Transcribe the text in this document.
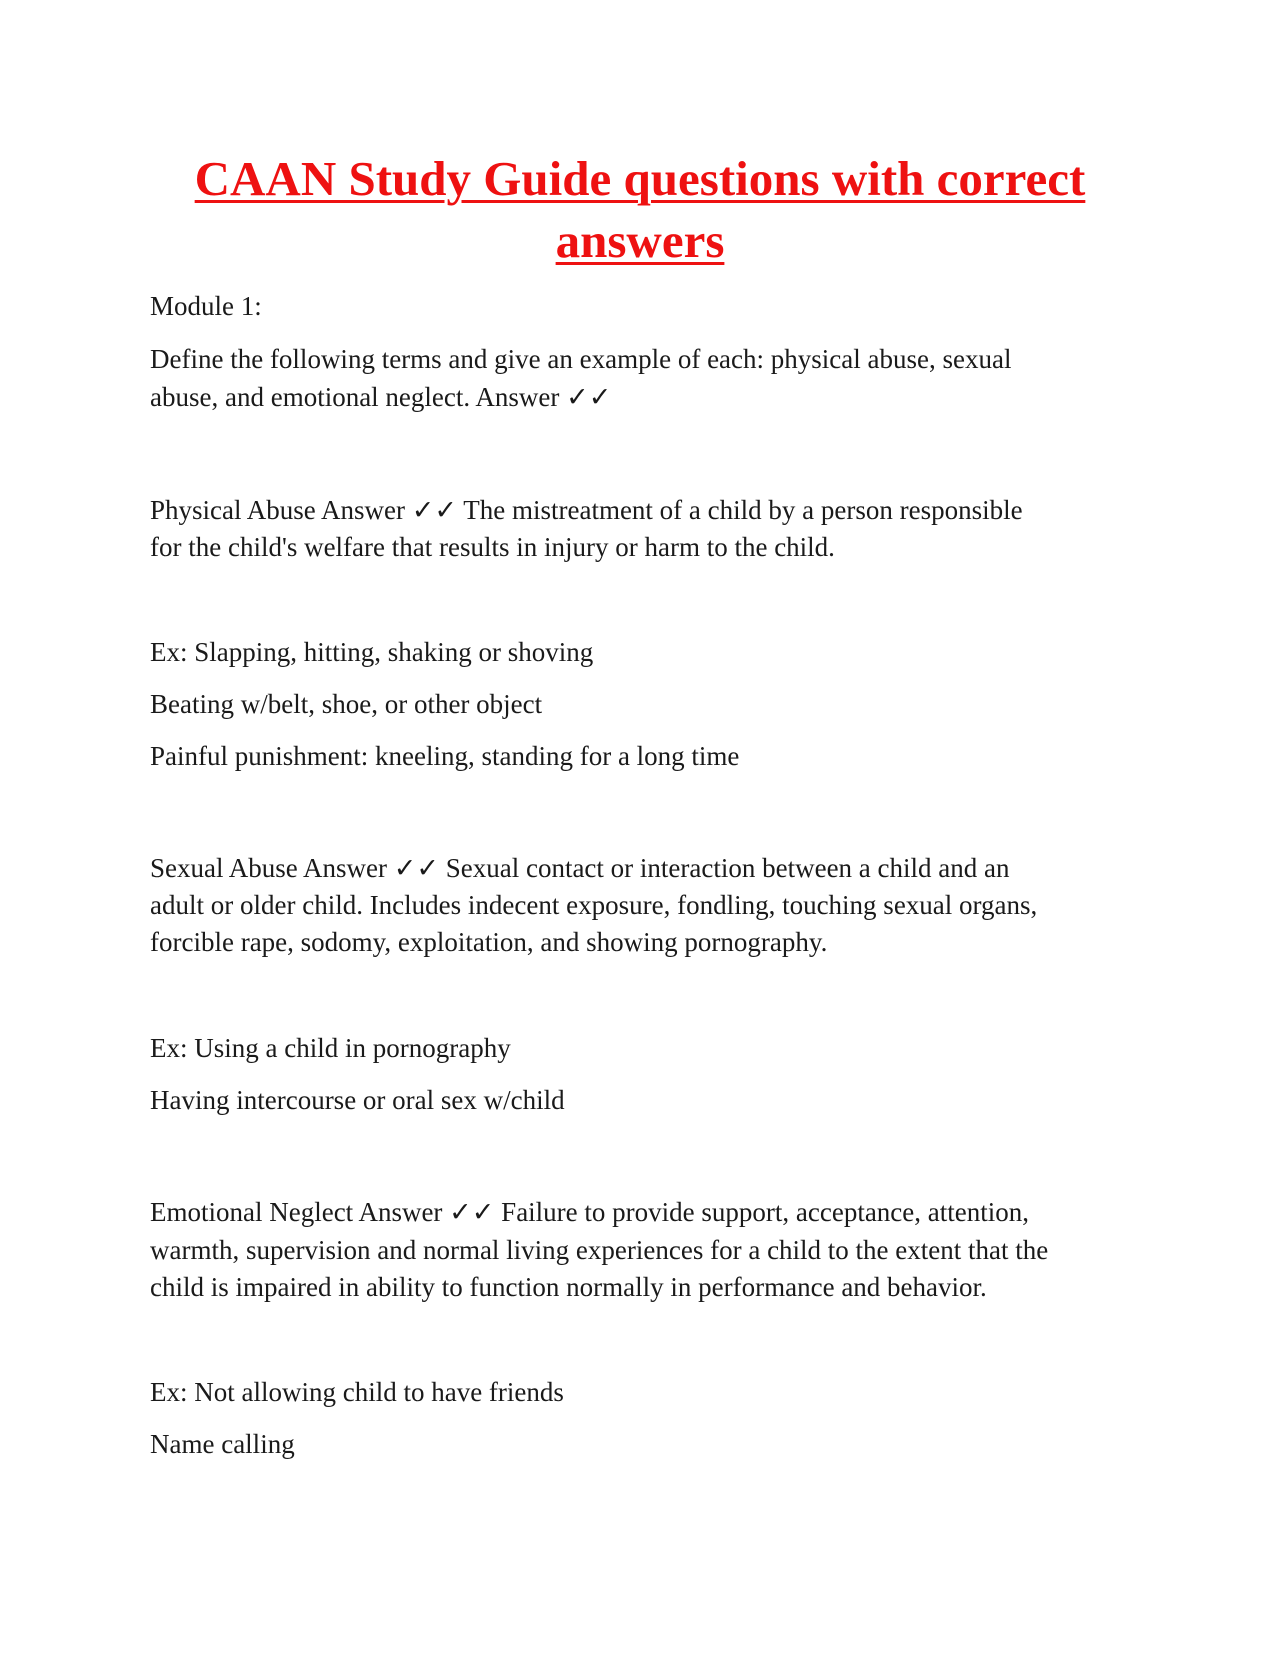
CAAN Study Guide questions with correct
answers

Module 1:

Define the following terms and give an example of each: physical abuse, sexual

abuse, and emotional neglect. Answer ✓✓

Physical Abuse Answer ✓✓ The mistreatment of a child by a person responsible

for the child's welfare that results in injury or harm to the child.

Ex: Slapping, hitting, shaking or shoving

Beating w/belt, shoe, or other object

Painful punishment: kneeling, standing for a long time

Sexual Abuse Answer ✓✓ Sexual contact or interaction between a child and an

adult or older child. Includes indecent exposure, fondling, touching sexual organs,

forcible rape, sodomy, exploitation, and showing pornography.

Ex: Using a child in pornography

Having intercourse or oral sex w/child

Emotional Neglect Answer ✓✓ Failure to provide support, acceptance, attention,

warmth, supervision and normal living experiences for a child to the extent that the

child is impaired in ability to function normally in performance and behavior.

Ex: Not allowing child to have friends

Name calling
